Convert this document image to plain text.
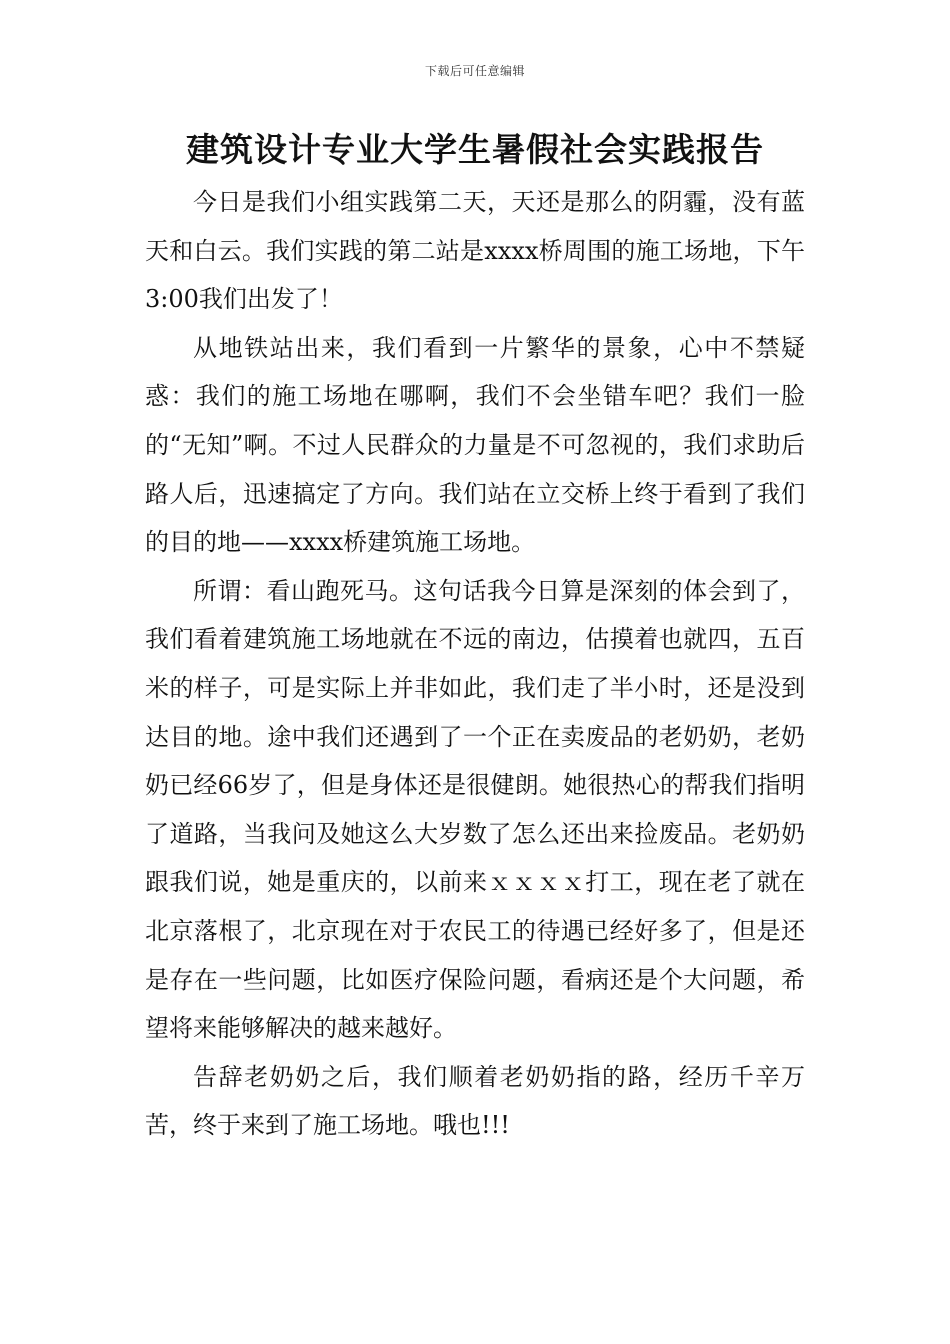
下载后可任意编辑
建筑设计专业大学生暑假社会实践报告

今日是我们小组实践第二天，天还是那么的阴霾，没有蓝天和白云。我们实践的第二站是xxxx桥周围的施工场地，下午3:00我们出发了！

从地铁站出来，我们看到一片繁华的景象，心中不禁疑惑：我们的施工场地在哪啊，我们不会坐错车吧？我们一脸的“无知”啊。不过人民群众的力量是不可忽视的，我们求助后路人后，迅速搞定了方向。我们站在立交桥上终于看到了我们的目的地——xxxx桥建筑施工场地。

所谓：看山跑死马。这句话我今日算是深刻的体会到了，我们看着建筑施工场地就在不远的南边，估摸着也就四，五百米的样子，可是实际上并非如此，我们走了半小时，还是没到达目的地。途中我们还遇到了一个正在卖废品的老奶奶，老奶奶已经66岁了，但是身体还是很健朗。她很热心的帮我们指明了道路，当我问及她这么大岁数了怎么还出来捡废品。老奶奶跟我们说，她是重庆的，以前来ｘｘｘｘ打工，现在老了就在北京落根了，北京现在对于农民工的待遇已经好多了，但是还是存在一些问题，比如医疗保险问题，看病还是个大问题，希望将来能够解决的越来越好。

告辞老奶奶之后，我们顺着老奶奶指的路，经历千辛万苦，终于来到了施工场地。哦也!!!
